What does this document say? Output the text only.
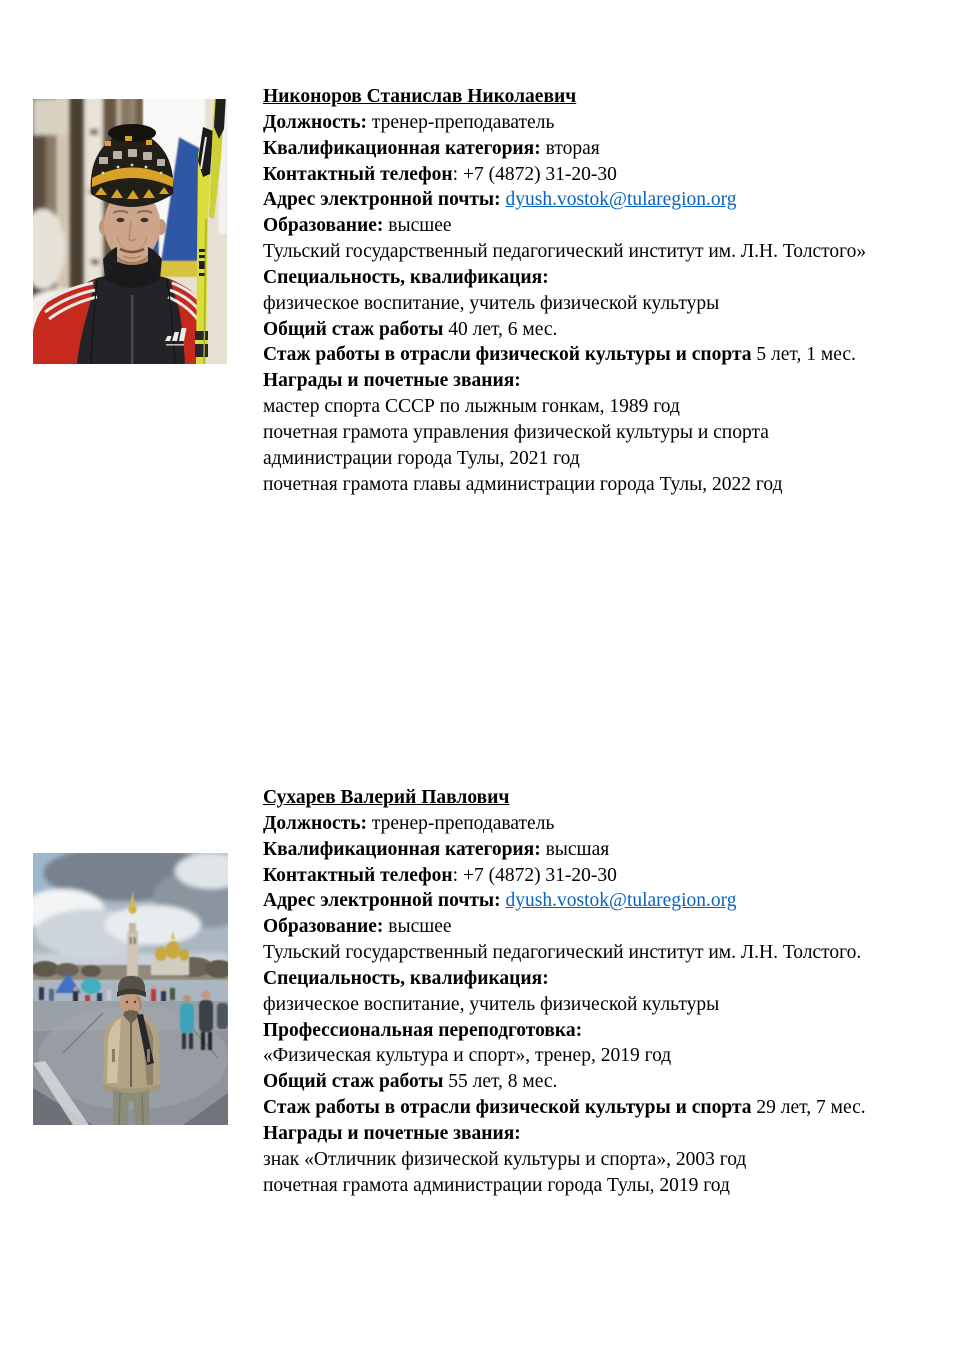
Никоноров Станислав Николаевич

Должность: тренер-преподаватель

Квалификационная категория: вторая

Контактный телефон: +7 (4872) 31-20-30

Адрес электронной почты: dyush.vostok@tularegion.org

Образование: высшее

Тульский государственный педагогический институт им. Л.Н. Толстого»

Специальность, квалификация:

физическое воспитание, учитель физической культуры

Общий стаж работы 40 лет, 6 мес.

Стаж работы в отрасли физической культуры и спорта 5 лет, 1 мес.

Награды и почетные звания:

мастер спорта СССР по лыжным гонкам, 1989 год

почетная грамота управления физической культуры и спорта

администрации города Тулы, 2021 год

почетная грамота главы администрации города Тулы, 2022 год

Сухарев Валерий Павлович

Должность: тренер-преподаватель

Квалификационная категория: высшая

Контактный телефон: +7 (4872) 31-20-30

Адрес электронной почты: dyush.vostok@tularegion.org

Образование: высшее

Тульский государственный педагогический институт им. Л.Н. Толстого.

Специальность, квалификация:

физическое воспитание, учитель физической культуры

Профессиональная переподготовка:

«Физическая культура и спорт», тренер, 2019 год

Общий стаж работы 55 лет, 8 мес.

Стаж работы в отрасли физической культуры и спорта 29 лет, 7 мес.

Награды и почетные звания:

знак «Отличник физической культуры и спорта», 2003 год

почетная грамота администрации города Тулы, 2019 год
